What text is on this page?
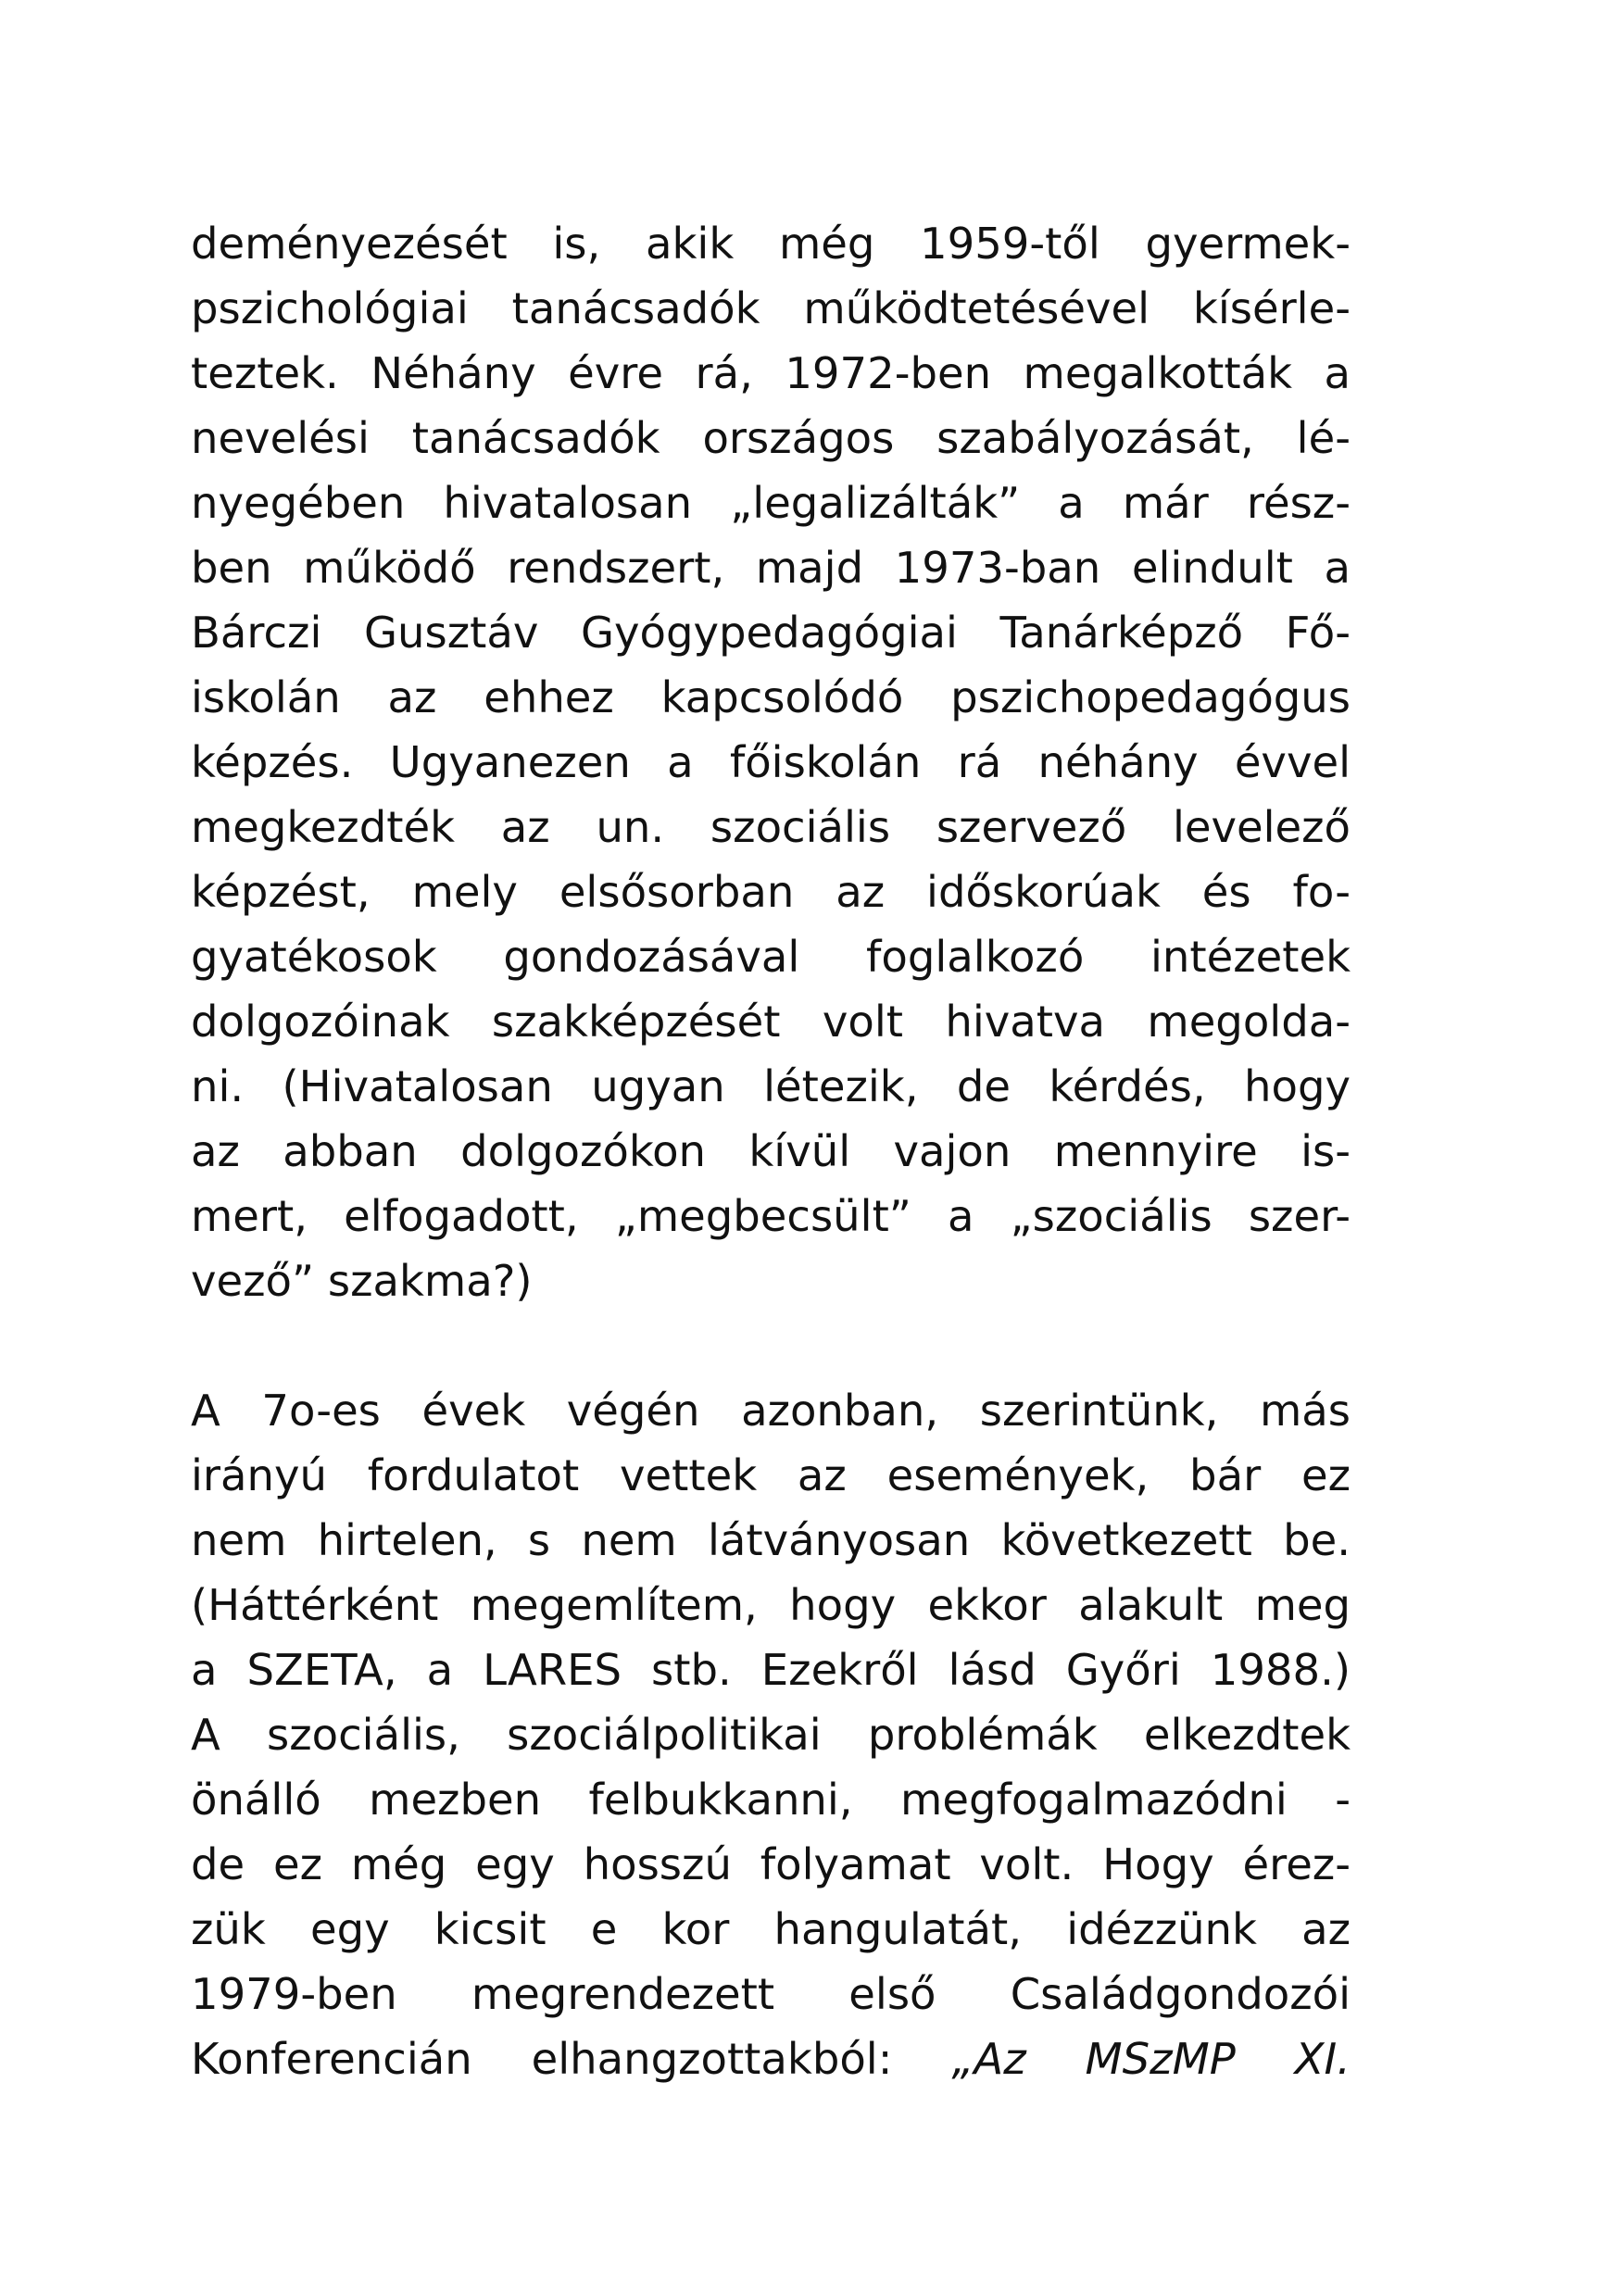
deményezését is, akik még 1959-től gyermek-
pszichológiai tanácsadók működtetésével kísérle-
teztek. Néhány évre rá, 1972-ben megalkották a
nevelési tanácsadók országos szabályozását, lé-
nyegében hivatalosan „legalizálták” a már rész-
ben működő rendszert, majd 1973-ban elindult a
Bárczi Gusztáv Gyógypedagógiai Tanárképző Fő-
iskolán az ehhez kapcsolódó pszichopedagógus
képzés. Ugyanezen a főiskolán rá néhány évvel
megkezdték az un. szociális szervező levelező
képzést, mely elsősorban az időskorúak és fo-
gyatékosok gondozásával foglalkozó intézetek
dolgozóinak szakképzését volt hivatva megolda-
ni. (Hivatalosan ugyan létezik, de kérdés, hogy
az abban dolgozókon kívül vajon mennyire is-
mert, elfogadott, „megbecsült” a „szociális szer-
vező” szakma?)
A 7o-es évek végén azonban, szerintünk, más
irányú fordulatot vettek az események, bár ez
nem hirtelen, s nem látványosan következett be.
(Háttérként megemlítem, hogy ekkor alakult meg
a SZETA, a LARES stb. Ezekről lásd Győri 1988.)
A szociális, szociálpolitikai problémák elkezdtek
önálló mezben felbukkanni, megfogalmazódni -
de ez még egy hosszú folyamat volt. Hogy érez-
zük egy kicsit e kor hangulatát, idézzünk az
1979-ben megrendezett első Családgondozói
Konferencián elhangzottakból: „Az MSzMP XI.
